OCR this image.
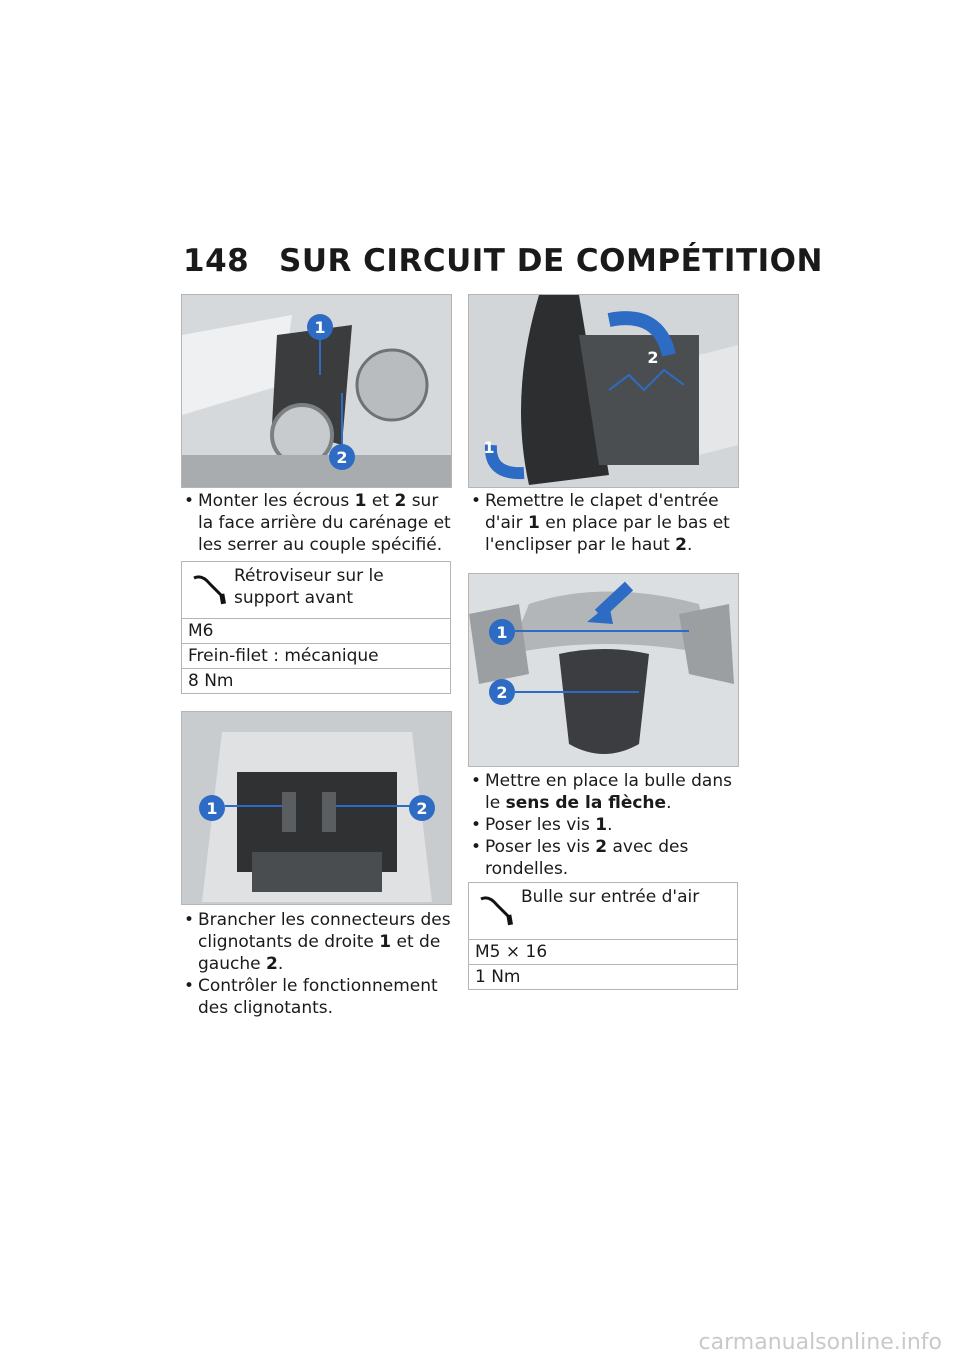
148 SUR CIRCUIT DE COMPÉTITION
1
2
• Monter les écrous 1 et 2 sur la face arrière du carénage et les serrer au couple spécifié.
Rétroviseur sur le support avant
M6
Frein-filet : mécanique
8 Nm
1	2
• Brancher les connecteurs des clignotants de droite 1 et de gauche 2.
• Contrôler le fonctionnement des clignotants.
1
2
• Remettre le clapet d'entrée d'air 1 en place par le bas et l'enclipser par le haut 2.
1
2
• Mettre en place la bulle dans le sens de la flèche.
• Poser les vis 1.
• Poser les vis 2 avec des rondelles.
Bulle sur entrée d'air
M5 × 16
1 Nm
carmanualsonline.info
